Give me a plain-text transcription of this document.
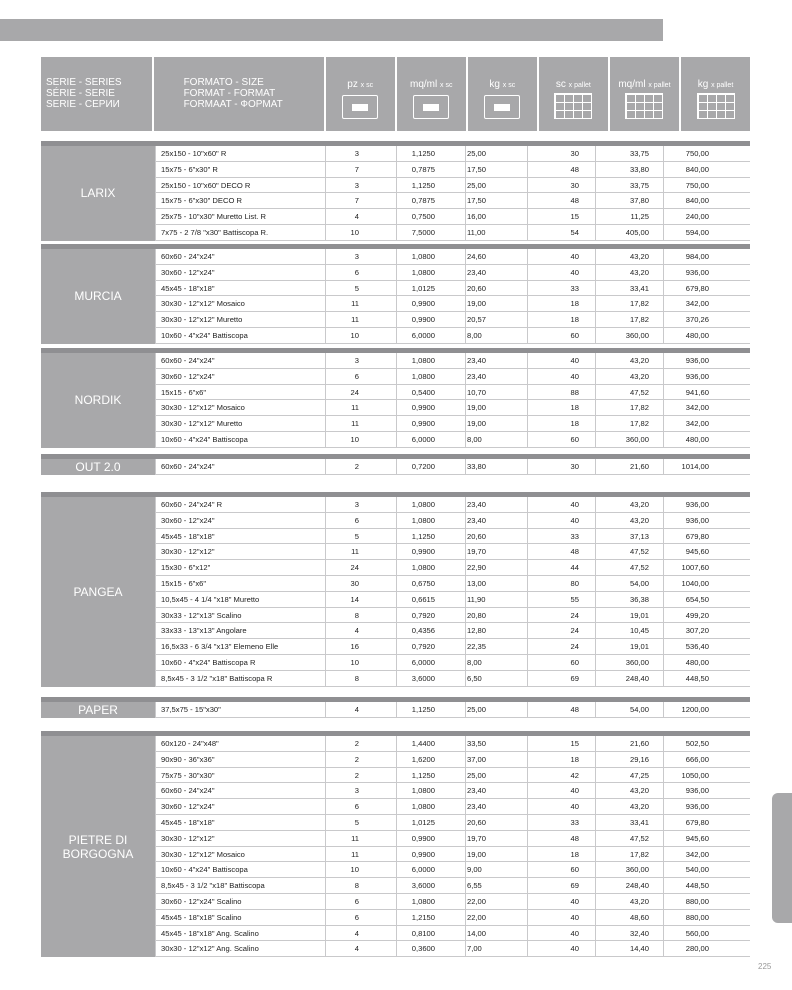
SERIE - SERIES
SÉRIE - SERIE
SERIE - СЕРИИ
FORMATO - SIZE
FORMAT - FORMAT
FORMAAT - ФОРМАТ
pz x sc	mq/ml x sc	kg x sc	sc x pallet	mq/ml x pallet	kg x pallet
LARIX
25x150 - 10"x60" R	3	1,1250	25,00	30	33,75	750,00
15x75 - 6"x30" R	7	0,7875	17,50	48	33,80	840,00
25x150 - 10"x60" DECO R	3	1,1250	25,00	30	33,75	750,00
15x75 - 6"x30" DECO R	7	0,7875	17,50	48	37,80	840,00
25x75 - 10"x30" Muretto List. R	4	0,7500	16,00	15	11,25	240,00
7x75 - 2 7/8 "x30" Battiscopa R.	10	7,5000	11,00	54	405,00	594,00
MURCIA
60x60 - 24"x24"	3	1,0800	24,60	40	43,20	984,00
30x60 - 12"x24"	6	1,0800	23,40	40	43,20	936,00
45x45 - 18"x18"	5	1,0125	20,60	33	33,41	679,80
30x30 - 12"x12" Mosaico	11	0,9900	19,00	18	17,82	342,00
30x30 - 12"x12" Muretto	11	0,9900	20,57	18	17,82	370,26
10x60 - 4"x24" Battiscopa	10	6,0000	8,00	60	360,00	480,00
NORDIK
60x60 - 24"x24"	3	1,0800	23,40	40	43,20	936,00
30x60 - 12"x24"	6	1,0800	23,40	40	43,20	936,00
15x15 - 6"x6"	24	0,5400	10,70	88	47,52	941,60
30x30 - 12"x12" Mosaico	11	0,9900	19,00	18	17,82	342,00
30x30 - 12"x12" Muretto	11	0,9900	19,00	18	17,82	342,00
10x60 - 4"x24" Battiscopa	10	6,0000	8,00	60	360,00	480,00
OUT 2.0	60x60 - 24"x24"	2	0,7200	33,80	30	21,60	1014,00
PANGEA
60x60 - 24"x24" R	3	1,0800	23,40	40	43,20	936,00
30x60 - 12"x24"	6	1,0800	23,40	40	43,20	936,00
45x45 - 18"x18"	5	1,1250	20,60	33	37,13	679,80
30x30 - 12"x12"	11	0,9900	19,70	48	47,52	945,60
15x30 - 6"x12"	24	1,0800	22,90	44	47,52	1007,60
15x15 - 6"x6"	30	0,6750	13,00	80	54,00	1040,00
10,5x45 - 4 1/4 "x18" Muretto	14	0,6615	11,90	55	36,38	654,50
30x33 - 12"x13" Scalino	8	0,7920	20,80	24	19,01	499,20
33x33 - 13"x13" Angolare	4	0,4356	12,80	24	10,45	307,20
16,5x33 - 6 3/4 "x13" Elemeno Elle	16	0,7920	22,35	24	19,01	536,40
10x60 - 4"x24" Battiscopa R	10	6,0000	8,00	60	360,00	480,00
8,5x45 - 3 1/2 "x18" Battiscopa R	8	3,6000	6,50	69	248,40	448,50
PAPER	37,5x75 - 15"x30"	4	1,1250	25,00	48	54,00	1200,00
PIETRE DI BORGOGNA
60x120 - 24"x48"	2	1,4400	33,50	15	21,60	502,50
90x90 - 36"x36"	2	1,6200	37,00	18	29,16	666,00
75x75 - 30"x30"	2	1,1250	25,00	42	47,25	1050,00
60x60 - 24"x24"	3	1,0800	23,40	40	43,20	936,00
30x60 - 12"x24"	6	1,0800	23,40	40	43,20	936,00
45x45 - 18"x18"	5	1,0125	20,60	33	33,41	679,80
30x30 - 12"x12"	11	0,9900	19,70	48	47,52	945,60
30x30 - 12"x12" Mosaico	11	0,9900	19,00	18	17,82	342,00
10x60 - 4"x24" Battiscopa	10	6,0000	9,00	60	360,00	540,00
8,5x45 - 3 1/2 "x18" Battiscopa	8	3,6000	6,55	69	248,40	448,50
30x60 - 12"x24" Scalino	6	1,0800	22,00	40	43,20	880,00
45x45 - 18"x18" Scalino	6	1,2150	22,00	40	48,60	880,00
45x45 - 18"x18" Ang. Scalino	4	0,8100	14,00	40	32,40	560,00
30x30 - 12"x12" Ang. Scalino	4	0,3600	7,00	40	14,40	280,00
225
